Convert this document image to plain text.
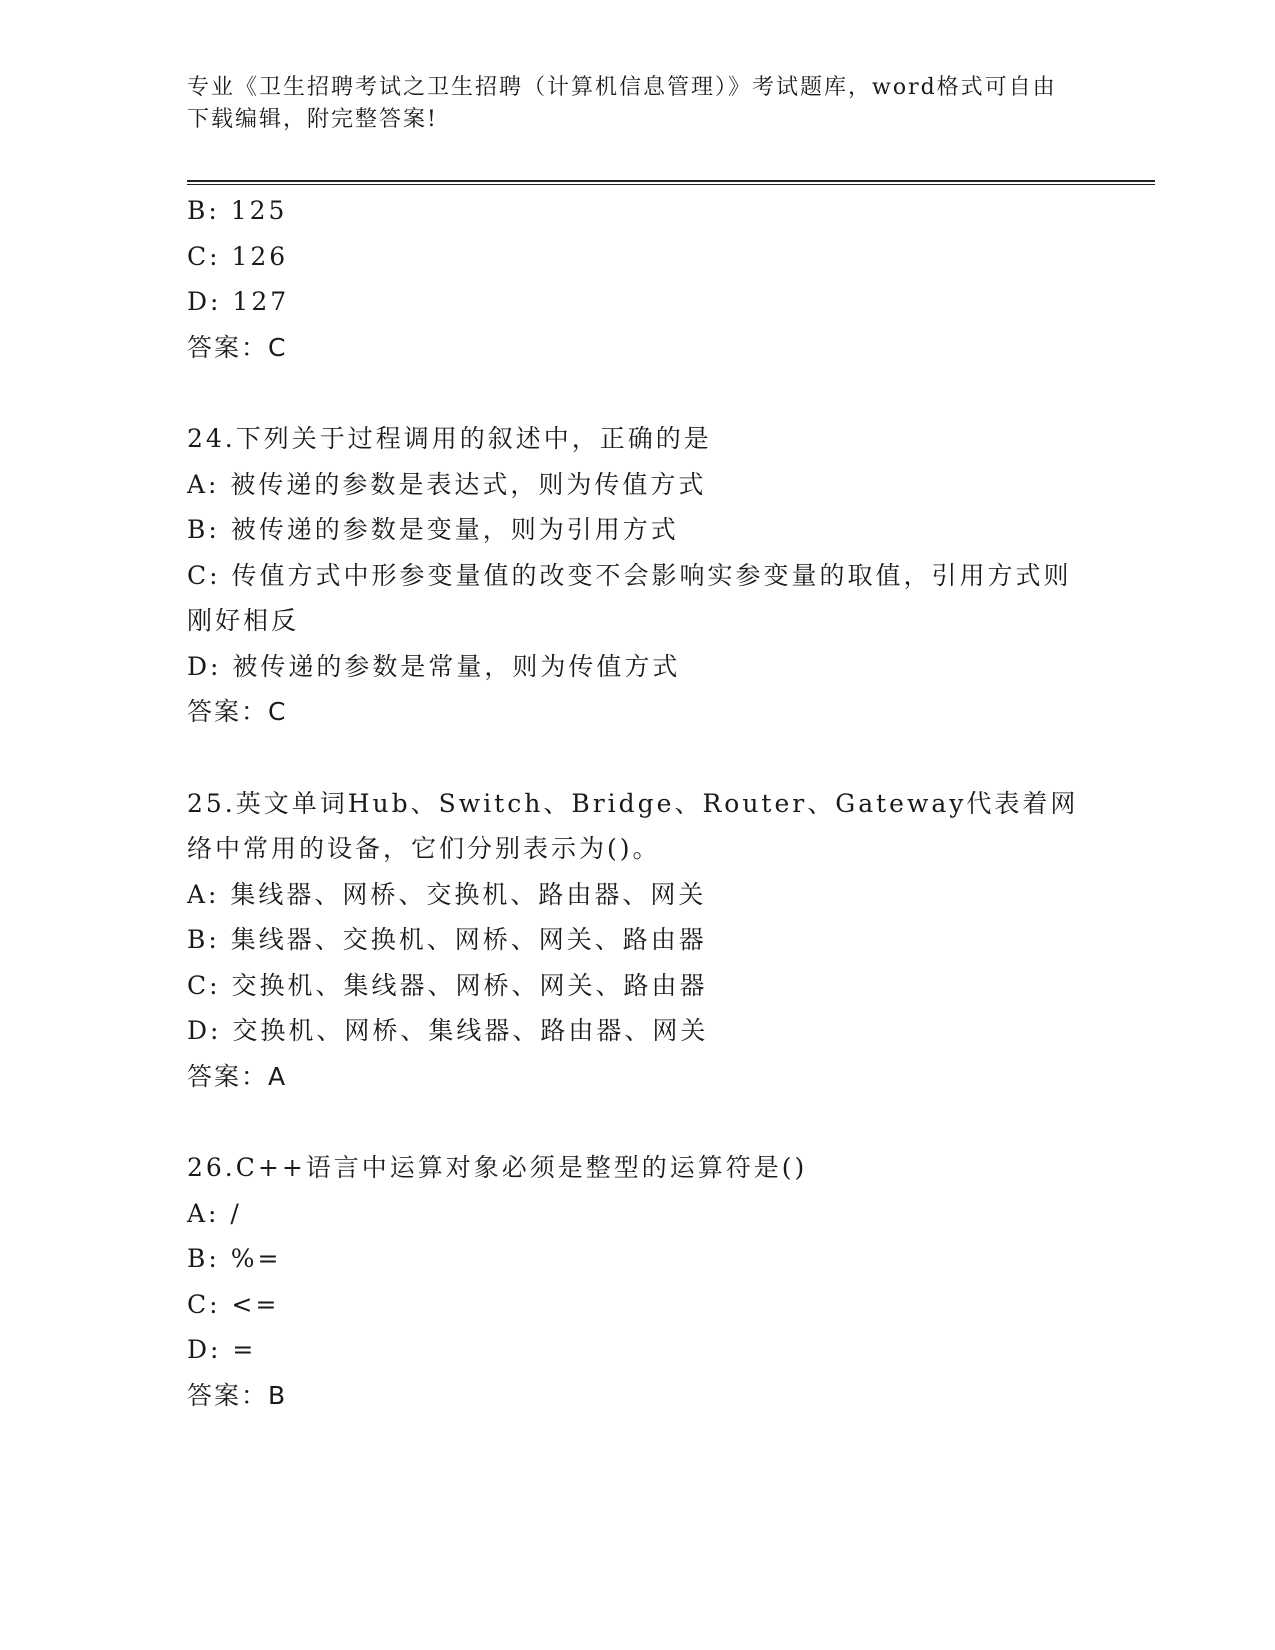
专业《卫生招聘考试之卫生招聘（计算机信息管理）》考试题库，word格式可自由下载编辑，附完整答案!
B: 125
C: 126
D: 127
答案：C
24.下列关于过程调用的叙述中，正确的是
A: 被传递的参数是表达式，则为传值方式
B: 被传递的参数是变量，则为引用方式
C: 传值方式中形参变量值的改变不会影响实参变量的取值，引用方式则刚好相反
D: 被传递的参数是常量，则为传值方式
答案：C
25.英文单词Hub、Switch、Bridge、Router、Gateway代表着网络中常用的设备，它们分别表示为()。
A: 集线器、网桥、交换机、路由器、网关
B: 集线器、交换机、网桥、网关、路由器
C: 交换机、集线器、网桥、网关、路由器
D: 交换机、网桥、集线器、路由器、网关
答案：A
26.C++语言中运算对象必须是整型的运算符是()
A: /
B: %=
C: <=
D: =
答案：B
